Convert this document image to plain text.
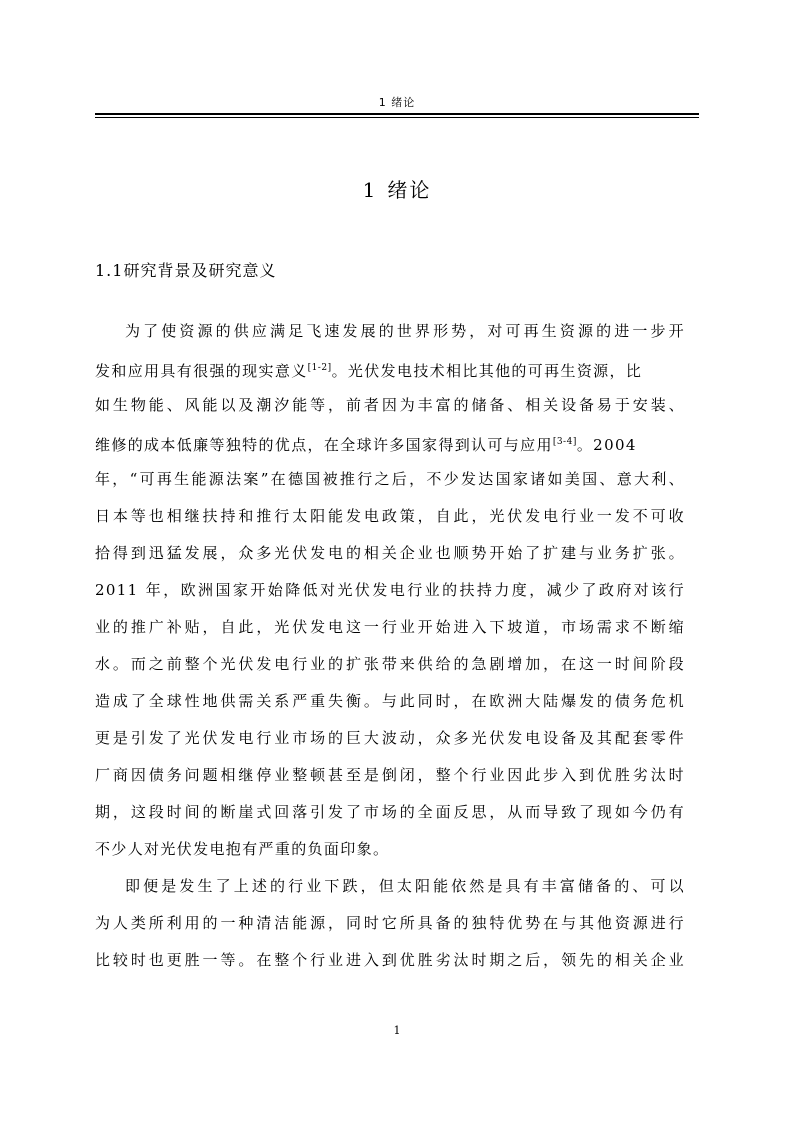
1 绪论
1 绪论
1.1研究背景及研究意义
为了使资源的供应满足飞速发展的世界形势，对可再生资源的进一步开
发和应用具有很强的现实意义[1-2]。光伏发电技术相比其他的可再生资源，比
如生物能、风能以及潮汐能等，前者因为丰富的储备、相关设备易于安装、
维修的成本低廉等独特的优点，在全球许多国家得到认可与应用[3-4]。2004
年，“可再生能源法案”在德国被推行之后，不少发达国家诸如美国、意大利、
日本等也相继扶持和推行太阳能发电政策，自此，光伏发电行业一发不可收
拾得到迅猛发展，众多光伏发电的相关企业也顺势开始了扩建与业务扩张。
2011 年，欧洲国家开始降低对光伏发电行业的扶持力度，减少了政府对该行
业的推广补贴，自此，光伏发电这一行业开始进入下坡道，市场需求不断缩
水。而之前整个光伏发电行业的扩张带来供给的急剧增加，在这一时间阶段
造成了全球性地供需关系严重失衡。与此同时，在欧洲大陆爆发的债务危机
更是引发了光伏发电行业市场的巨大波动，众多光伏发电设备及其配套零件
厂商因债务问题相继停业整顿甚至是倒闭，整个行业因此步入到优胜劣汰时
期，这段时间的断崖式回落引发了市场的全面反思，从而导致了现如今仍有
不少人对光伏发电抱有严重的负面印象。
即便是发生了上述的行业下跌，但太阳能依然是具有丰富储备的、可以
为人类所利用的一种清洁能源，同时它所具备的独特优势在与其他资源进行
比较时也更胜一等。在整个行业进入到优胜劣汰时期之后，领先的相关企业
1
